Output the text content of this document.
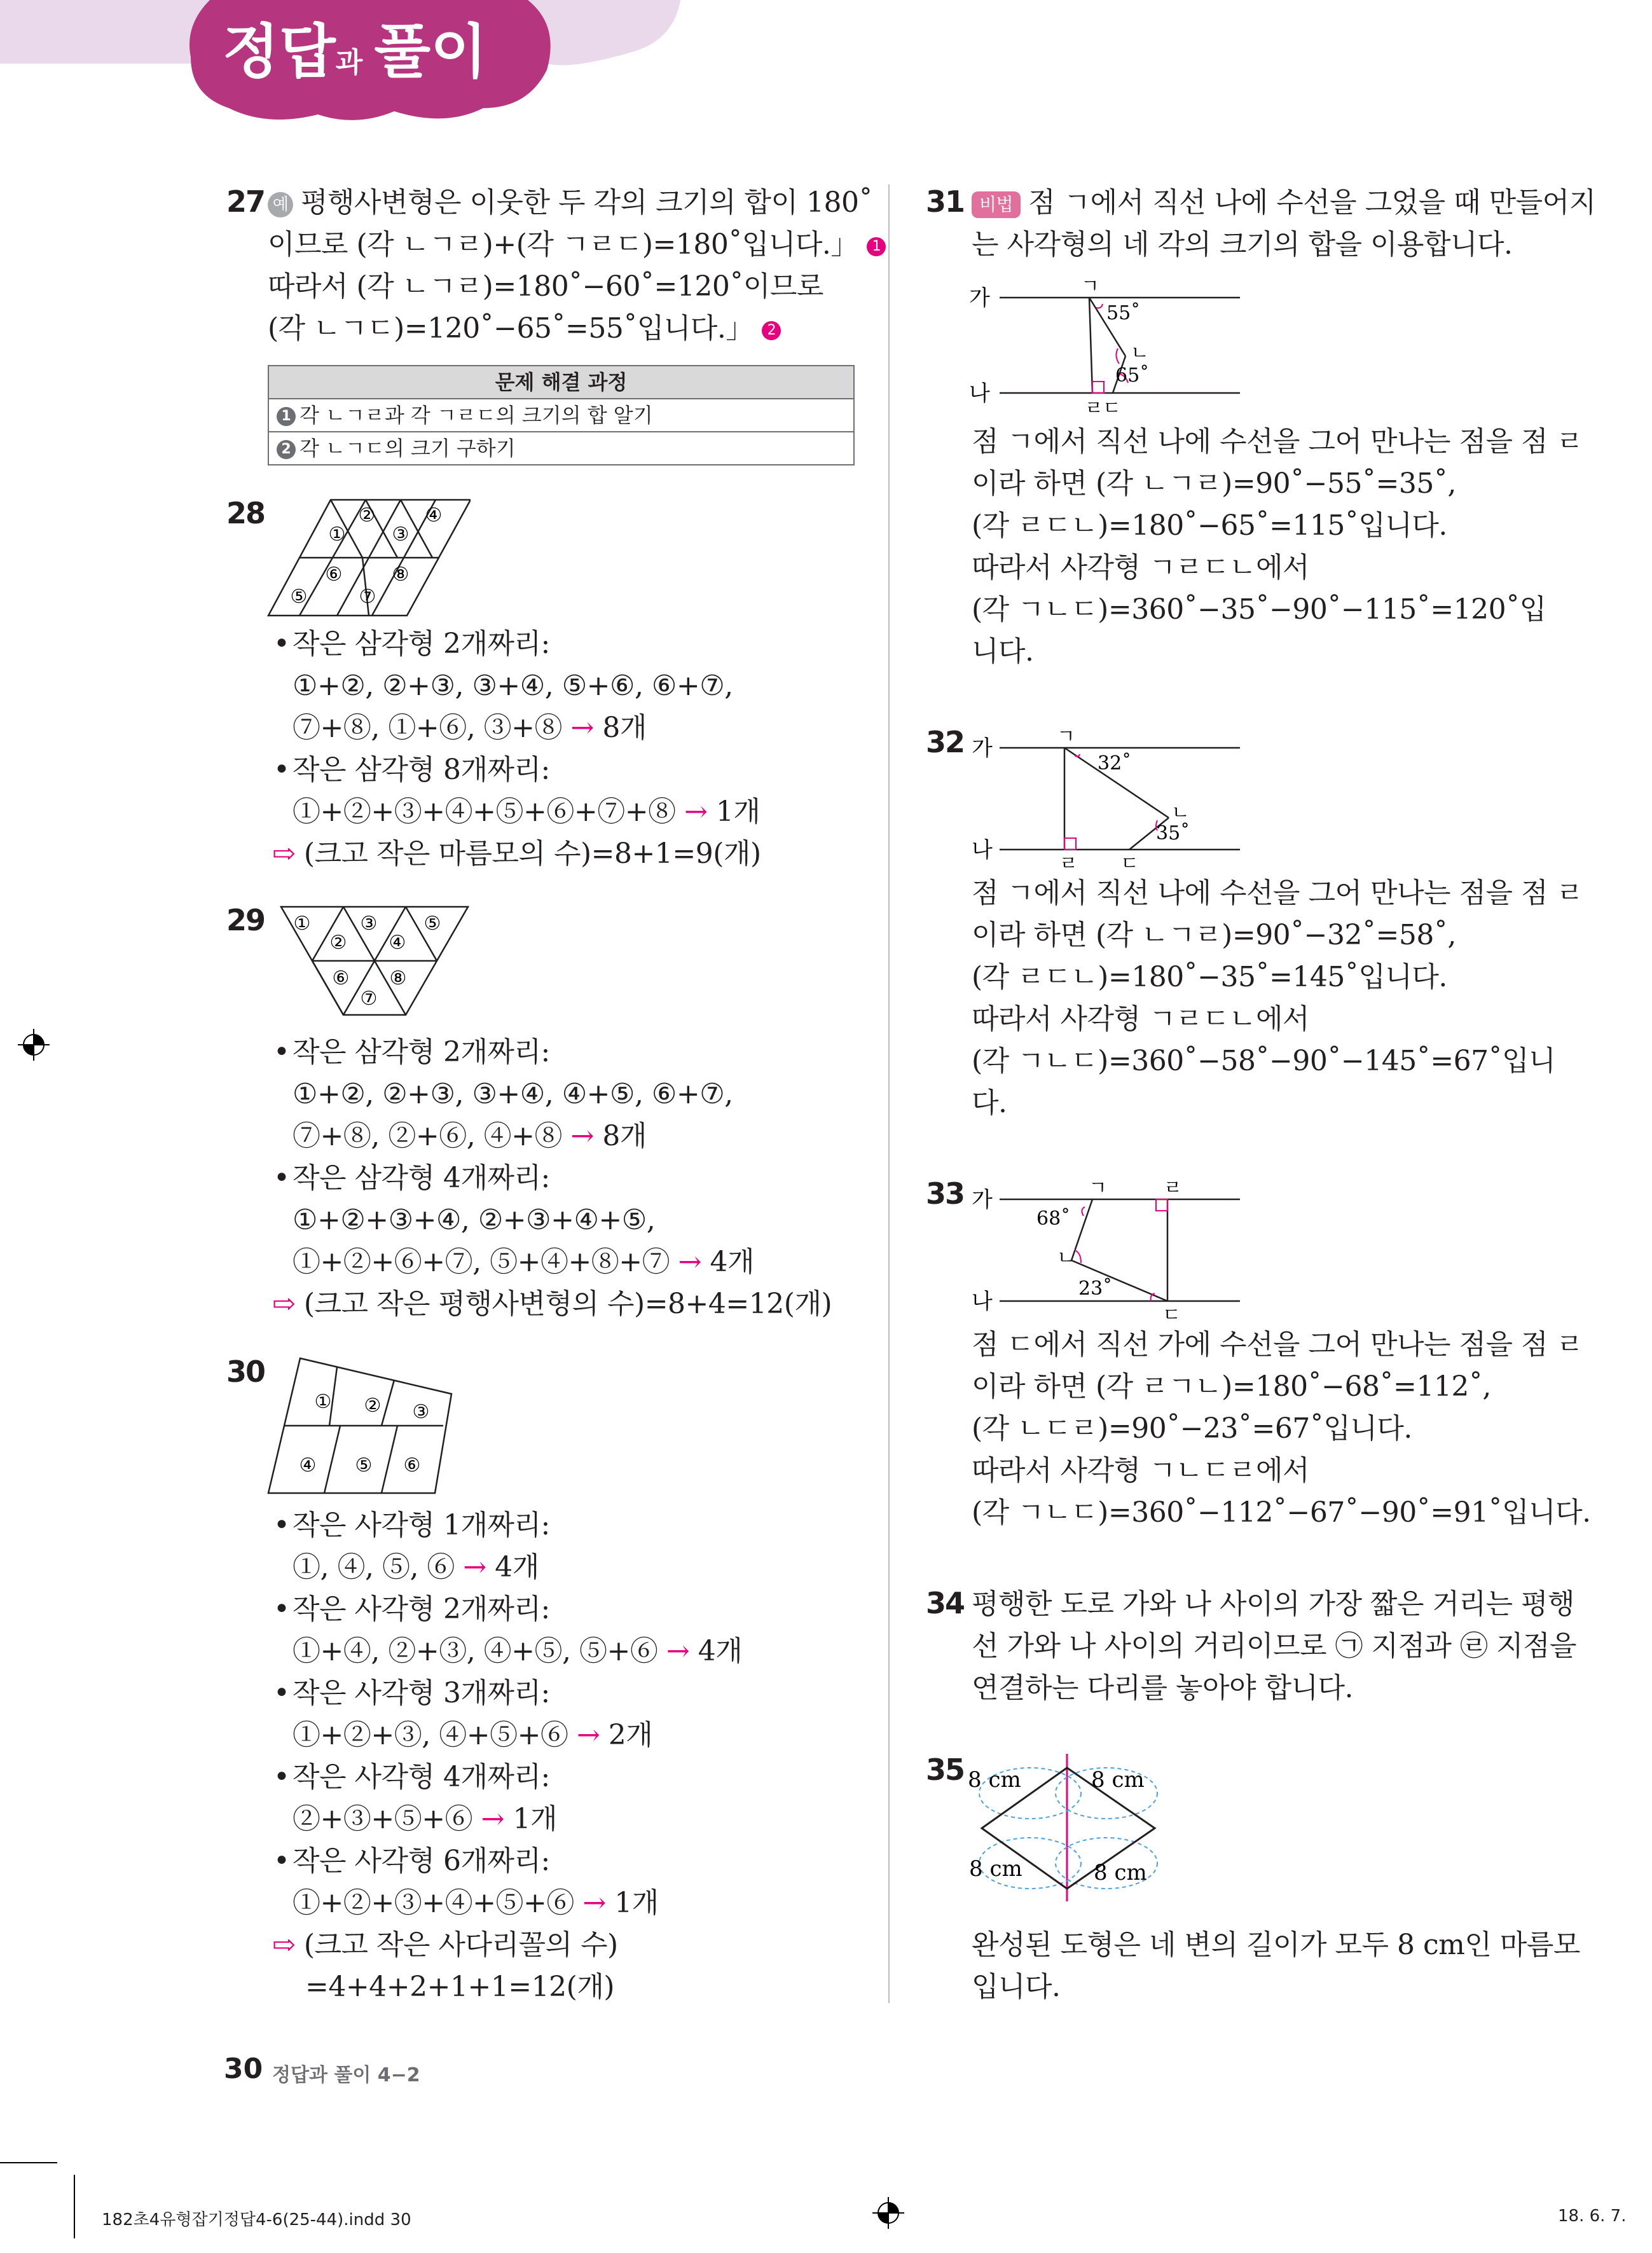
정답과 풀이
27 예 평행사변형은 이웃한 두 각의 크기의 합이 180˚
이므로 (각 ㄴㄱㄹ)+(각 ㄱㄹㄷ)=180˚입니다.」 1
따라서 (각 ㄴㄱㄹ)=180˚−60˚=120˚이므로
(각 ㄴㄱㄷ)=120˚−65˚=55˚입니다.」 2
문제 해결 과정
1 각 ㄴㄱㄹ과 각 ㄱㄹㄷ의 크기의 합 알기
2 각 ㄴㄱㄷ의 크기 구하기
28
①
②
③
④
⑤
⑥
⑦
⑧
• 작은 삼각형 2개짜리:
①+②, ②+③, ③+④, ⑤+⑥, ⑥+⑦,
⑦+⑧, ①+⑥, ③+⑧ → 8개
• 작은 삼각형 8개짜리:
①+②+③+④+⑤+⑥+⑦+⑧ → 1개
⇨ (크고 작은 마름모의 수)=8+1=9(개)
29 ①
②
③
④
⑤
⑥
⑦
⑧
• 작은 삼각형 2개짜리:
①+②, ②+③, ③+④, ④+⑤, ⑥+⑦,
⑦+⑧, ②+⑥, ④+⑧ → 8개
• 작은 삼각형 4개짜리:
①+②+③+④, ②+③+④+⑤,
①+②+⑥+⑦, ⑤+④+⑧+⑦ → 4개
⇨ (크고 작은 평행사변형의 수)=8+4=12(개)
30
① ② ③
④ ⑤ ⑥
• 작은 사각형 1개짜리:
①, ④, ⑤, ⑥ → 4개
• 작은 사각형 2개짜리:
①+④, ②+③, ④+⑤, ⑤+⑥ → 4개
• 작은 사각형 3개짜리:
①+②+③, ④+⑤+⑥ → 2개
• 작은 사각형 4개짜리:
②+③+⑤+⑥ → 1개
• 작은 사각형 6개짜리:
①+②+③+④+⑤+⑥ → 1개
⇨ (크고 작은 사다리꼴의 수)
=4+4+2+1+1=12(개)
31 비법 점 ㄱ에서 직선 나에 수선을 그었을 때 만들어지
는 사각형의 네 각의 크기의 합을 이용합니다.
가
나
ㄱ
55˚
ㄴ
65˚
ㄹ ㄷ
점 ㄱ에서 직선 나에 수선을 그어 만나는 점을 점 ㄹ
이라 하면 (각 ㄴㄱㄹ)=90˚−55˚=35˚,
(각 ㄹㄷㄴ)=180˚−65˚=115˚입니다.
따라서 사각형 ㄱㄹㄷㄴ에서
(각 ㄱㄴㄷ)=360˚−35˚−90˚−115˚=120˚입
니다.
32 가
나
ㄱ
32˚
ㄴ
35˚
ㄹ ㄷ
점 ㄱ에서 직선 나에 수선을 그어 만나는 점을 점 ㄹ
이라 하면 (각 ㄴㄱㄹ)=90˚−32˚=58˚,
(각 ㄹㄷㄴ)=180˚−35˚=145˚입니다.
따라서 사각형 ㄱㄹㄷㄴ에서
(각 ㄱㄴㄷ)=360˚−58˚−90˚−145˚=67˚입니
다.
33 가
나
ㄱ	ㄹ
68˚
ㄴ
23˚
ㄷ
점 ㄷ에서 직선 가에 수선을 그어 만나는 점을 점 ㄹ
이라 하면 (각 ㄹㄱㄴ)=180˚−68˚=112˚,
(각 ㄴㄷㄹ)=90˚−23˚=67˚입니다.
따라서 사각형 ㄱㄴㄷㄹ에서
(각 ㄱㄴㄷ)=360˚−112˚−67˚−90˚=91˚입니다.
34 평행한 도로 가와 나 사이의 가장 짧은 거리는 평행
선 가와 나 사이의 거리이므로 ㉠ 지점과 ㉣ 지점을
연결하는 다리를 놓아야 합니다.
35 8 cm	8 cm
8 cm	8 cm
완성된 도형은 네 변의 길이가 모두 8 cm인 마름모
입니다.
30 정답과 풀이 4−2
182초4유형잡기정답4-6(25-44).indd 30	18. 6. 7.
